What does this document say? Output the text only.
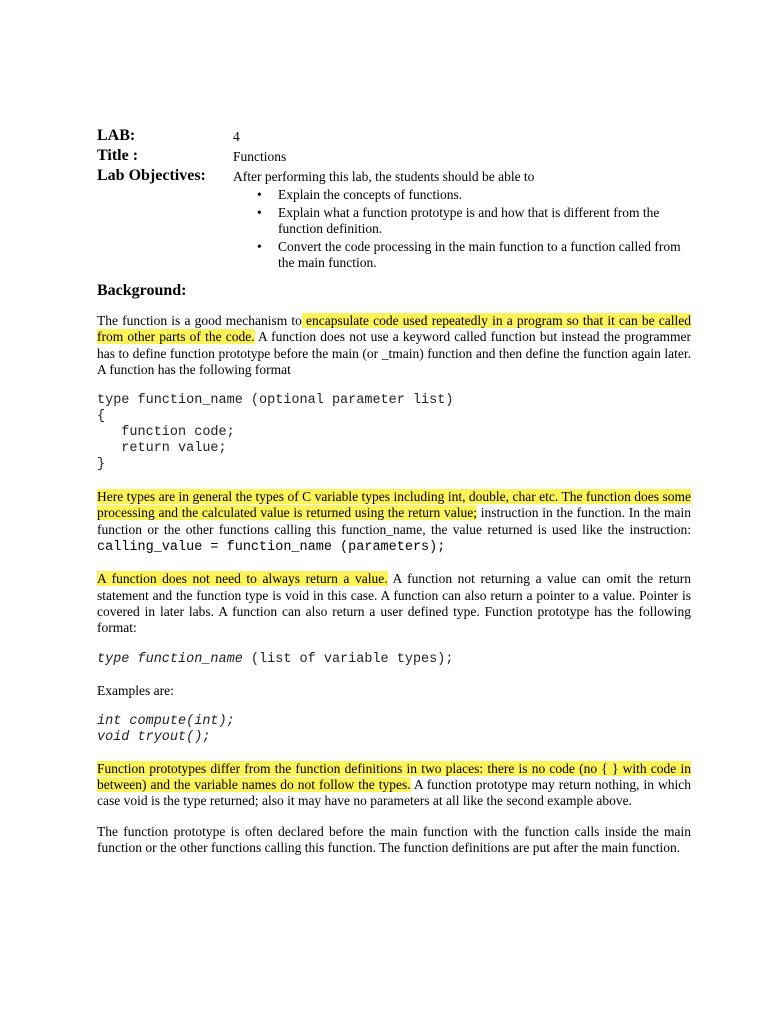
LAB:	4
Title :	Functions
Lab Objectives: After performing this lab, the students should be able to
• Explain the concepts of functions.
• Explain what a function prototype is and how that is different from the function definition.
• Convert the code processing in the main function to a function called from the main function.
Background:

The function is a good mechanism to encapsulate code used repeatedly in a program so that it can be called from other parts of the code. A function does not use a keyword called function but instead the programmer has to define function prototype before the main (or _tmain) function and then define the function again later. A function has the following format

type function_name (optional parameter list)
{
function code;
return value;
}

Here types are in general the types of C variable types including int, double, char etc. The function does some processing and the calculated value is returned using the return value; instruction in the function. In the main function or the other functions calling this function_name, the value returned is used like the instruction: calling_value = function_name (parameters);

A function does not need to always return a value. A function not returning a value can omit the return statement and the function type is void in this case. A function can also return a pointer to a value. Pointer is covered in later labs. A function can also return a user defined type. Function prototype has the following format:

type function_name (list of variable types);

Examples are:

int compute(int);
void tryout();

Function prototypes differ from the function definitions in two places: there is no code (no { } with code in between) and the variable names do not follow the types. A function prototype may return nothing, in which case void is the type returned; also it may have no parameters at all like the second example above.

The function prototype is often declared before the main function with the function calls inside the main function or the other functions calling this function. The function definitions are put after the main function.
